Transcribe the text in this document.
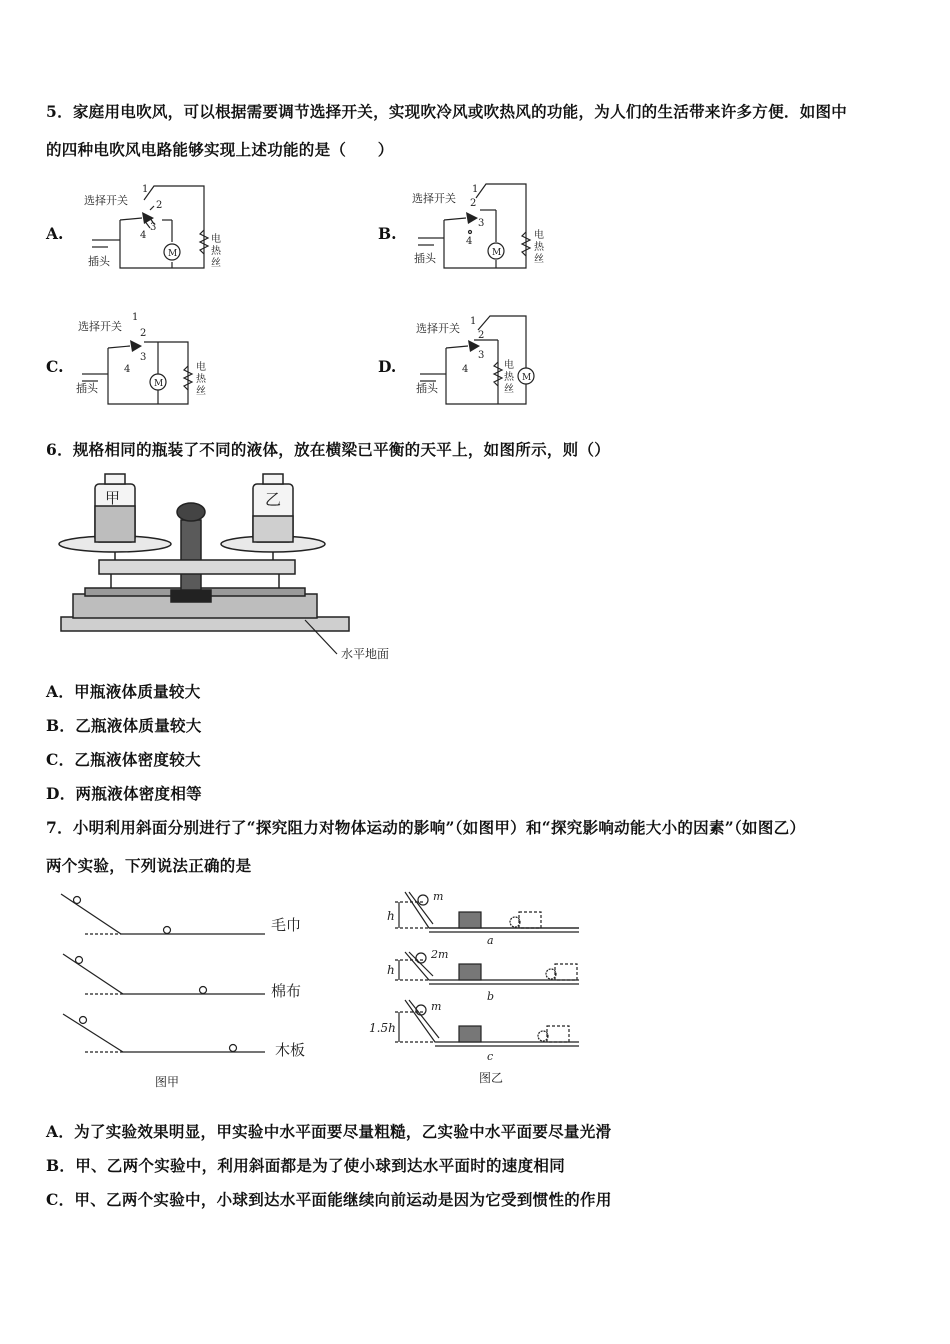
5．家庭用电吹风，可以根据需要调节选择开关，实现吹冷风或吹热风的功能，为人们的生活带来许多方便．如图中
的四种电吹风电路能够实现上述功能的是（　　）
A.	B.
C.	D.
选择开关
1
2
3
4
插头
M
电
热
丝
选择开关
1
2
3
4
插头	M
电
热
丝
选择开关
1
2
3
4
插头	M
电
热
丝
选择开关
1
2
3
4
插头
M
电
热
丝
6．规格相同的瓶装了不同的液体，放在横梁已平衡的天平上，如图所示，则（）
甲	乙
水平地面
A．甲瓶液体质量较大
B．乙瓶液体质量较大
C．乙瓶液体密度较大
D．两瓶液体密度相等
7．小明利用斜面分别进行了“探究阻力对物体运动的影响”（如图甲）和“探究影响动能大小的因素”（如图乙）
两个实验，下列说法正确的是
毛巾
棉布
木板
图甲
m
h
a
2m
h
b
m
1.5h
c
图乙
A．为了实验效果明显，甲实验中水平面要尽量粗糙，乙实验中水平面要尽量光滑
B．甲、乙两个实验中，利用斜面都是为了使小球到达水平面时的速度相同
C．甲、乙两个实验中，小球到达水平面能继续向前运动是因为它受到惯性的作用
